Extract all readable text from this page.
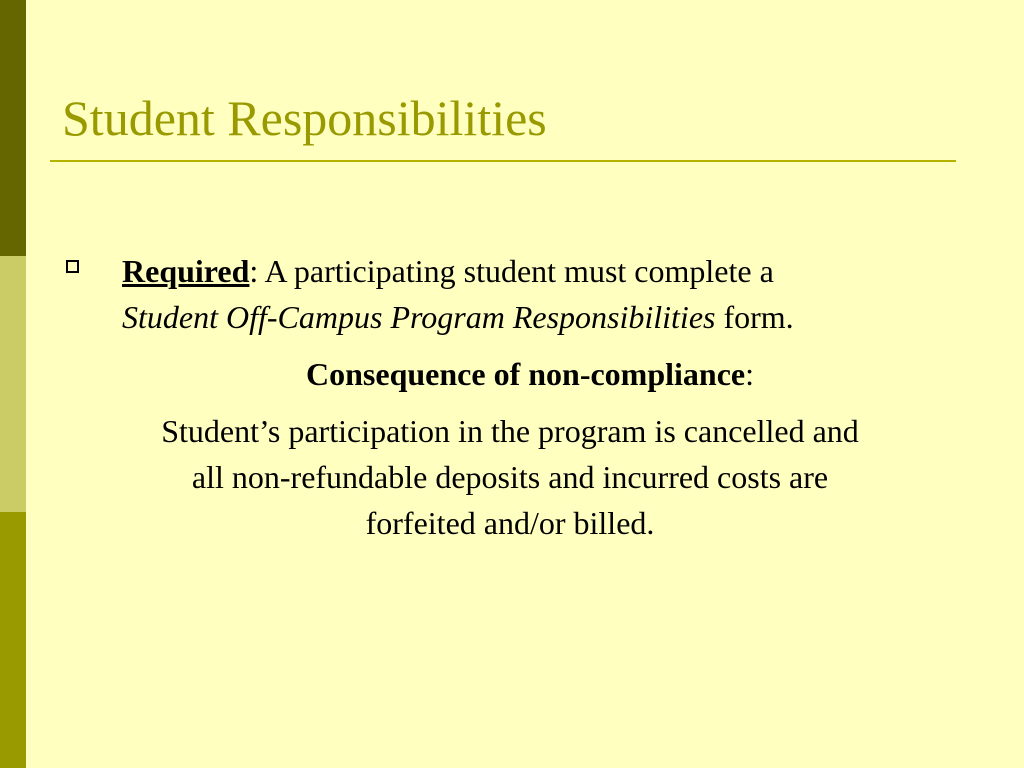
Student Responsibilities
Required: A participating student must complete a
Student Off-Campus Program Responsibilities form.
Consequence of non-compliance:
Student’s participation in the program is cancelled and
all non-refundable deposits and incurred costs are
forfeited and/or billed.
